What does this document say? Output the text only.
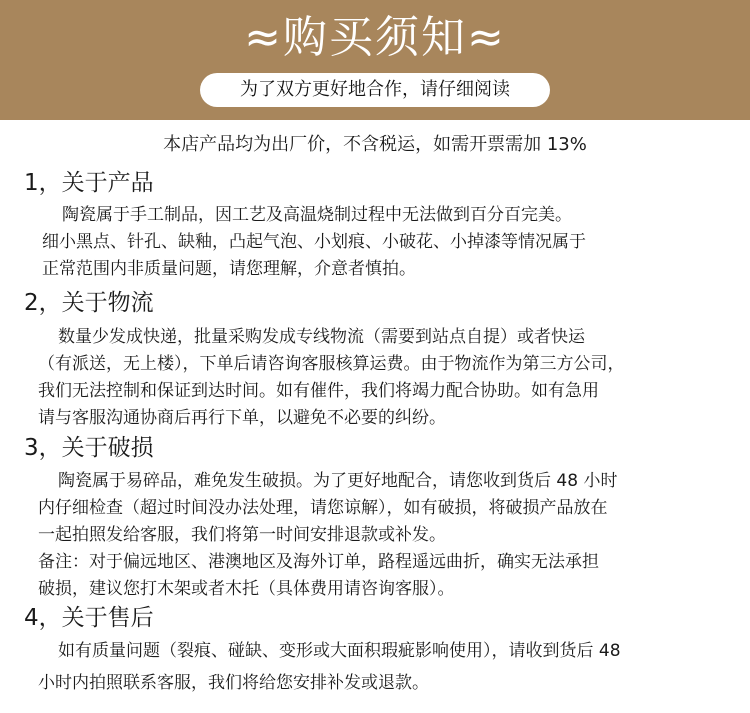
≈购买须知≈
为了双方更好地合作，请仔细阅读
本店产品均为出厂价，不含税运，如需开票需加 13%
1，关于产品

陶瓷属于手工制品，因工艺及高温烧制过程中无法做到百分百完美。

细小黑点、针孔、缺釉，凸起气泡、小划痕、小破花、小掉漆等情况属于

正常范围内非质量问题，请您理解，介意者慎拍。

2，关于物流

数量少发成快递，批量采购发成专线物流（需要到站点自提）或者快运

（有派送，无上楼），下单后请咨询客服核算运费。由于物流作为第三方公司，

我们无法控制和保证到达时间。如有催件，我们将竭力配合协助。如有急用

请与客服沟通协商后再行下单，以避免不必要的纠纷。

3，关于破损

陶瓷属于易碎品，难免发生破损。为了更好地配合，请您收到货后 48 小时

内仔细检查（超过时间没办法处理，请您谅解），如有破损，将破损产品放在

一起拍照发给客服，我们将第一时间安排退款或补发。

备注：对于偏远地区、港澳地区及海外订单，路程遥远曲折，确实无法承担

破损，建议您打木架或者木托（具体费用请咨询客服）。

4，关于售后

如有质量问题（裂痕、碰缺、变形或大面积瑕疵影响使用），请收到货后 48

小时内拍照联系客服，我们将给您安排补发或退款。
